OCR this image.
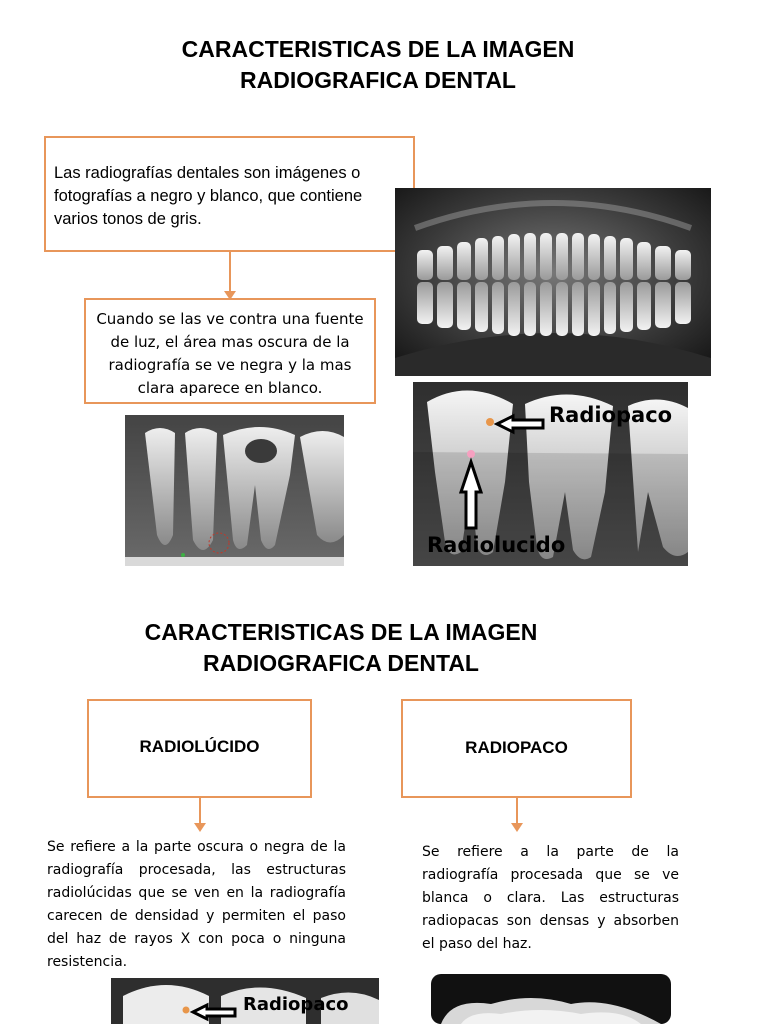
CARACTERISTICAS DE LA IMAGEN

RADIOGRAFICA DENTAL

Las radiografías dentales son imágenes o fotografías a negro y blanco, que contiene varios tonos de gris.
Cuando se las ve contra una fuente de luz, el área mas oscura de la radiografía se ve negra y la mas clara aparece en blanco.
Radiopaco
Radiolucido

CARACTERISTICAS DE LA IMAGEN

RADIOGRAFICA DENTAL

RADIOLÚCIDO	RADIOPACO
Se refiere a la parte oscura o negra de la radiografía procesada, las estructuras radiolúcidas que se ven en la radiografía carecen de densidad y permiten el paso del haz de rayos X con poca o ninguna resistencia.
Se refiere a la parte de la radiografía procesada que se ve blanca o clara. Las estructuras radiopacas son densas y absorben el paso del haz.
Radiopaco
